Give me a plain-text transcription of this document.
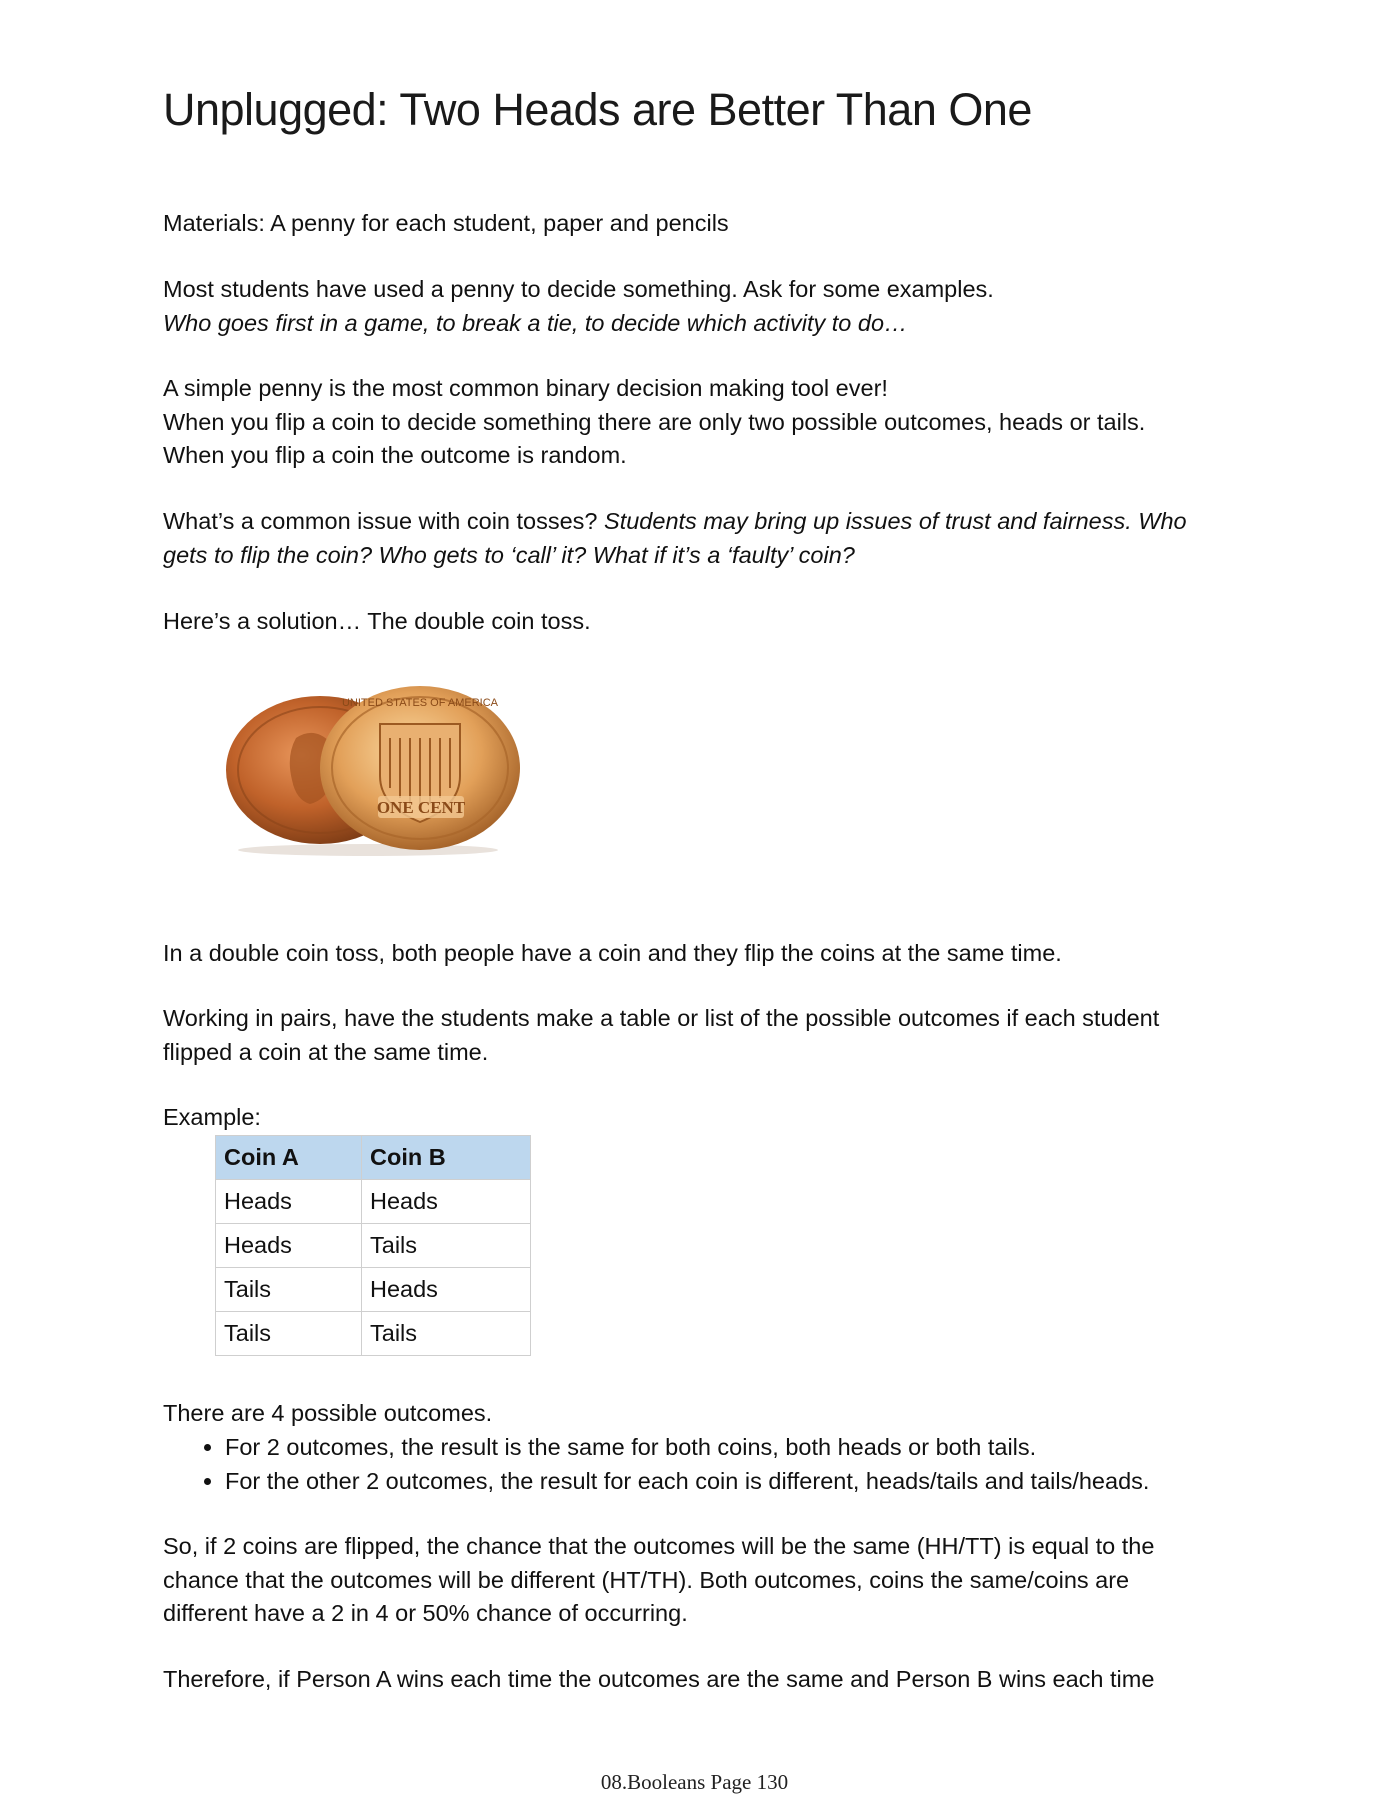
Unplugged: Two Heads are Better Than One

Materials: A penny for each student, paper and pencils

Most students have used a penny to decide something. Ask for some examples.
Who goes first in a game, to break a tie, to decide which activity to do…

A simple penny is the most common binary decision making tool ever!
When you flip a coin to decide something there are only two possible outcomes, heads or tails.
When you flip a coin the outcome is random.

What’s a common issue with coin tosses? Students may bring up issues of trust and fairness. Who
gets to flip the coin? Who gets to ‘call’ it? What if it’s a ‘faulty’ coin?

Here’s a solution… The double coin toss.

UNITED STATES OF AMERICA
ONE CENT

In a double coin toss, both people have a coin and they flip the coins at the same time.

Working in pairs, have the students make a table or list of the possible outcomes if each student
flipped a coin at the same time.

Example:

Coin A	Coin B
Heads	Heads
Heads	Tails
Tails	Heads
Tails	Tails

There are 4 possible outcomes.

• For 2 outcomes, the result is the same for both coins, both heads or both tails.
• For the other 2 outcomes, the result for each coin is different, heads/tails and tails/heads.

So, if 2 coins are flipped, the chance that the outcomes will be the same (HH/TT) is equal to the
chance that the outcomes will be different (HT/TH). Both outcomes, coins the same/coins are
different have a 2 in 4 or 50% chance of occurring.

Therefore, if Person A wins each time the outcomes are the same and Person B wins each time

08.Booleans Page 130
